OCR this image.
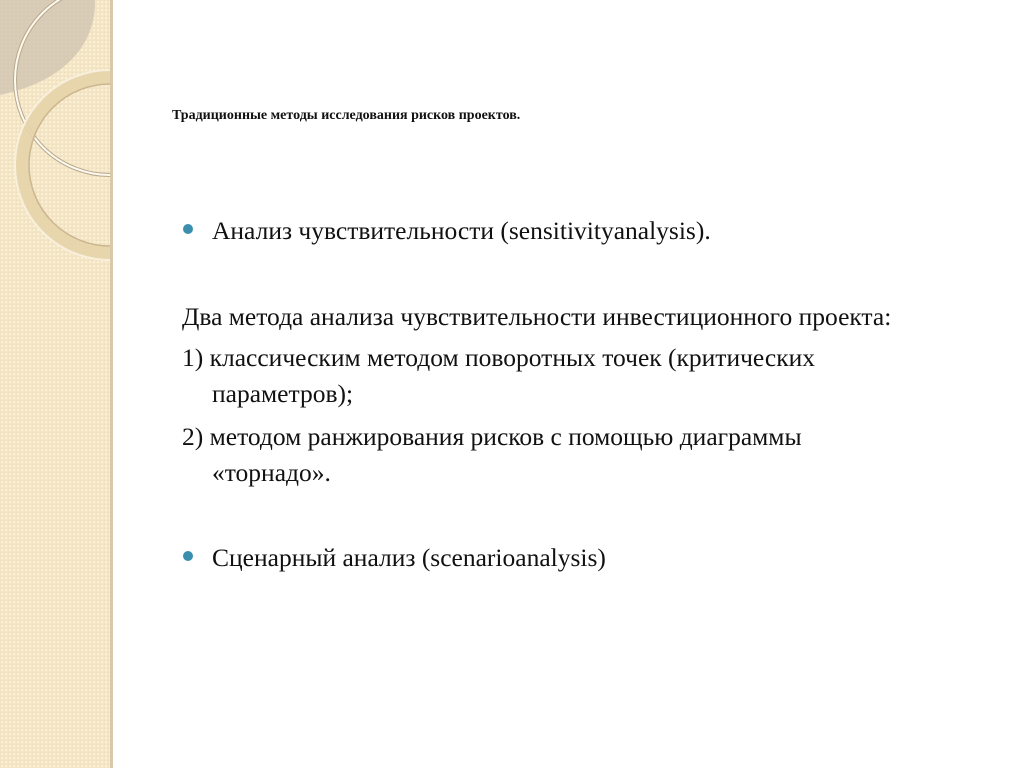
Традиционные методы исследования рисков проектов.
Анализ чувствительности (sensitivityanalysis).
Два метода анализа чувствительности инвестиционного проекта:
1) классическим методом поворотных точек (критических
параметров);
2) методом ранжирования рисков с помощью диаграммы
«торнадо».
Сценарный анализ (scenarioanalysis)
